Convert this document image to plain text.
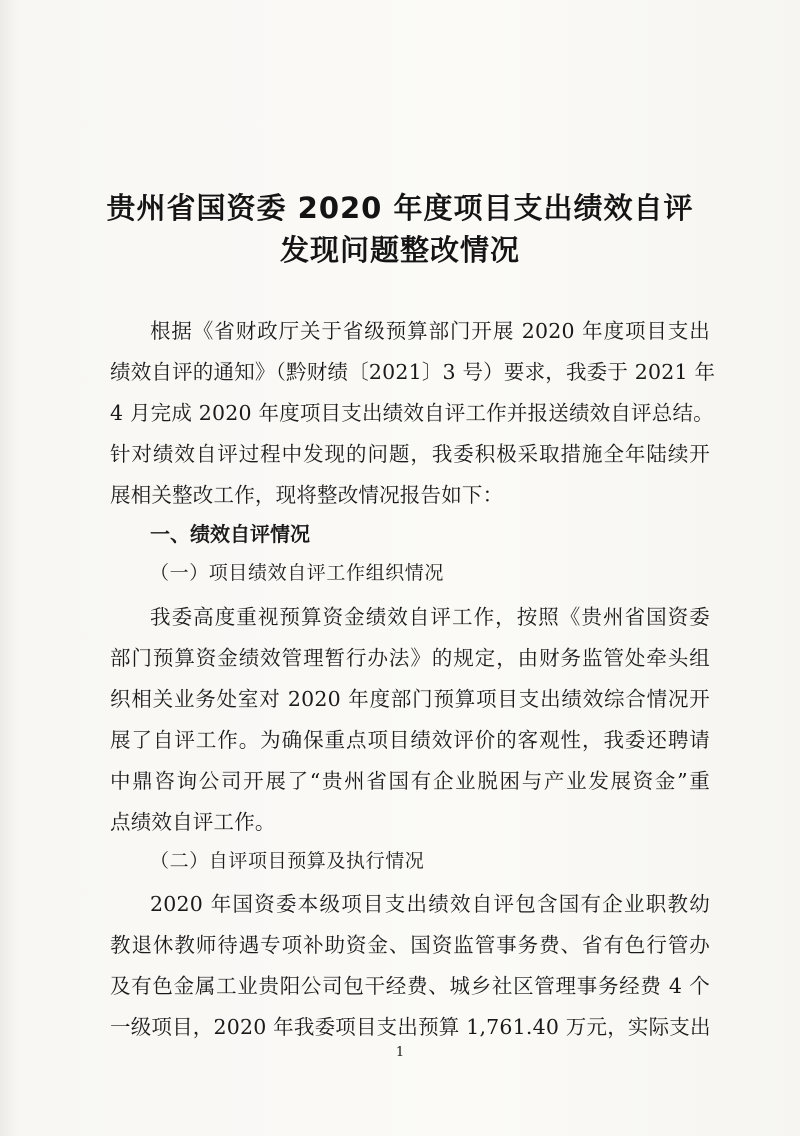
贵州省国资委 2020 年度项目支出绩效自评
发现问题整改情况
根据《省财政厅关于省级预算部门开展 2020 年度项目支出
绩效自评的通知》（黔财绩〔2021〕3 号）要求，我委于 2021 年
4 月完成 2020 年度项目支出绩效自评工作并报送绩效自评总结。
针对绩效自评过程中发现的问题，我委积极采取措施全年陆续开
展相关整改工作，现将整改情况报告如下：
一、绩效自评情况
（一）项目绩效自评工作组织情况
我委高度重视预算资金绩效自评工作，按照《贵州省国资委
部门预算资金绩效管理暂行办法》的规定，由财务监管处牵头组
织相关业务处室对 2020 年度部门预算项目支出绩效综合情况开
展了自评工作。为确保重点项目绩效评价的客观性，我委还聘请
中鼎咨询公司开展了“贵州省国有企业脱困与产业发展资金”重
点绩效自评工作。
（二）自评项目预算及执行情况
2020 年国资委本级项目支出绩效自评包含国有企业职教幼
教退休教师待遇专项补助资金、国资监管事务费、省有色行管办
及有色金属工业贵阳公司包干经费、城乡社区管理事务经费 4 个
一级项目，2020 年我委项目支出预算 1,761.40 万元，实际支出
1
